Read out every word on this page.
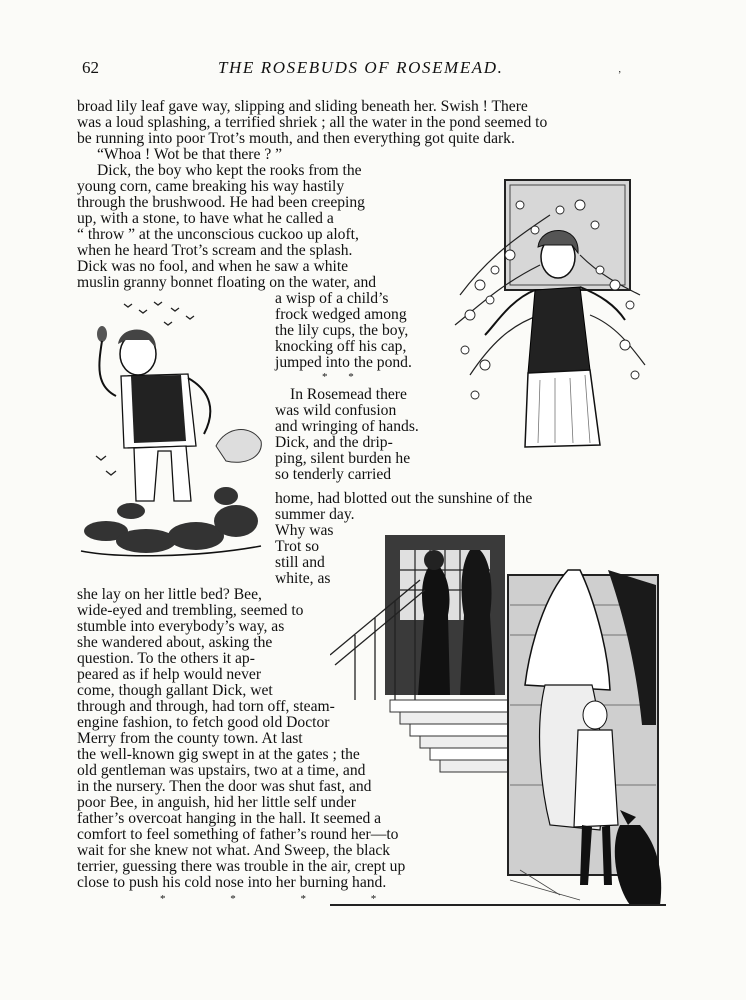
62	THE ROSEBUDS OF ROSEMEAD.	’
broad lily leaf gave way, slipping and sliding beneath her. Swish ! There
was a loud splashing, a terrified shriek ; all the water in the pond seemed to
be running into poor Trot’s mouth, and then everything got quite dark.
“Whoa ! Wot be that there ? ”
Dick, the boy who kept the rooks from the
young corn, came breaking his way hastily
through the brushwood. He had been creeping
up, with a stone, to have what he called a
“ throw ” at the unconscious cuckoo up aloft,
when he heard Trot’s scream and the splash.
Dick was no fool, and when he saw a white
muslin granny bonnet floating on the water, and
a wisp of a child’s
frock wedged among
the lily cups, the boy,
knocking off his cap,
jumped into the pond.
* *
In Rosemead there
was wild confusion
and wringing of hands.
Dick, and the drip-
ping, silent burden he
so tenderly carried
home, had blotted out the sunshine of the
summer day.
Why was
Trot so
still and
white, as
she lay on her little bed? Bee,
wide-eyed and trembling, seemed to
stumble into everybody’s way, as
she wandered about, asking the
question. To the others it ap-
peared as if help would never
come, though gallant Dick, wet
through and through, had torn off, steam-
engine fashion, to fetch good old Doctor
Merry from the county town. At last
the well-known gig swept in at the gates ; the
old gentleman was upstairs, two at a time, and
in the nursery. Then the door was shut fast, and
poor Bee, in anguish, hid her little self under
father’s overcoat hanging in the hall. It seemed a
comfort to feel something of father’s round her—to
wait for she knew not what. And Sweep, the black
terrier, guessing there was trouble in the air, crept up
close to push his cold nose into her burning hand.
* * * *
